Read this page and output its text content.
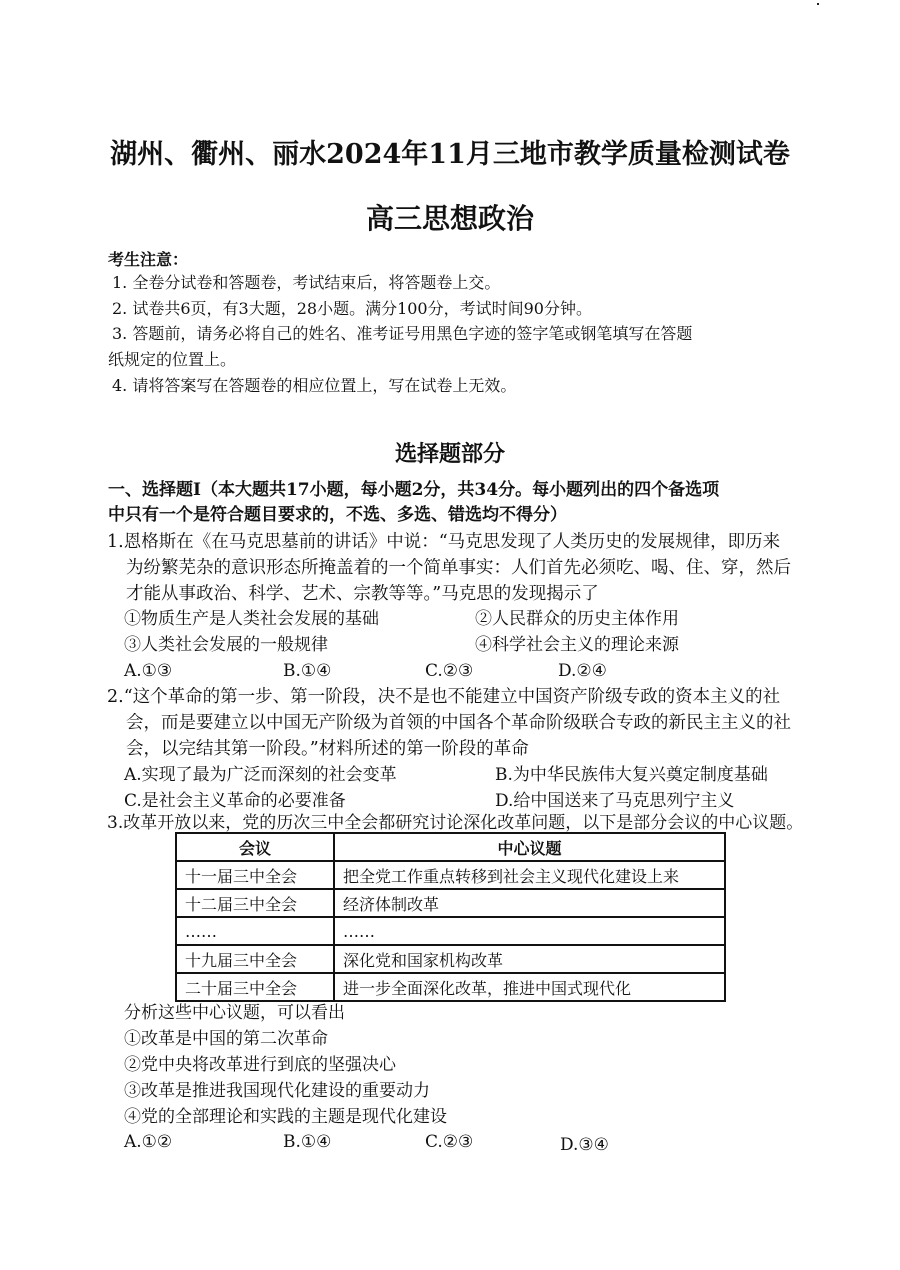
湖州、衢州、丽水2024年11月三地市教学质量检测试卷
高三思想政治
考生注意：
1. 全卷分试卷和答题卷，考试结束后，将答题卷上交。
2. 试卷共6页，有3大题，28小题。满分100分，考试时间90分钟。
3. 答题前，请务必将自己的姓名、准考证号用黑色字迹的签字笔或钢笔填写在答题
纸规定的位置上。
4. 请将答案写在答题卷的相应位置上，写在试卷上无效。
选择题部分
一、选择题Ⅰ（本大题共17小题，每小题2分，共34分。每小题列出的四个备选项
中只有一个是符合题目要求的，不选、多选、错选均不得分）
1.恩格斯在《在马克思墓前的讲话》中说：“马克思发现了人类历史的发展规律，即历来
为纷繁芜杂的意识形态所掩盖着的一个简单事实：人们首先必须吃、喝、住、穿，然后
才能从事政治、科学、艺术、宗教等等。”马克思的发现揭示了
①物质生产是人类社会发展的基础	②人民群众的历史主体作用
③人类社会发展的一般规律	④科学社会主义的理论来源
A.①③	B.①④	C.②③	D.②④
2.“这个革命的第一步、第一阶段，决不是也不能建立中国资产阶级专政的资本主义的社
会，而是要建立以中国无产阶级为首领的中国各个革命阶级联合专政的新民主主义的社
会，以完结其第一阶段。”材料所述的第一阶段的革命
A.实现了最为广泛而深刻的社会变革	B.为中华民族伟大复兴奠定制度基础
C.是社会主义革命的必要准备	D.给中国送来了马克思列宁主义
3.改革开放以来，党的历次三中全会都研究讨论深化改革问题，以下是部分会议的中心议题。
会议	中心议题
十一届三中全会	把全党工作重点转移到社会主义现代化建设上来
十二届三中全会	经济体制改革
……	……
十九届三中全会	深化党和国家机构改革
二十届三中全会	进一步全面深化改革，推进中国式现代化
分析这些中心议题，可以看出
①改革是中国的第二次革命
②党中央将改革进行到底的坚强决心
③改革是推进我国现代化建设的重要动力
④党的全部理论和实践的主题是现代化建设
A.①②	B.①④	C.②③	D.③④
